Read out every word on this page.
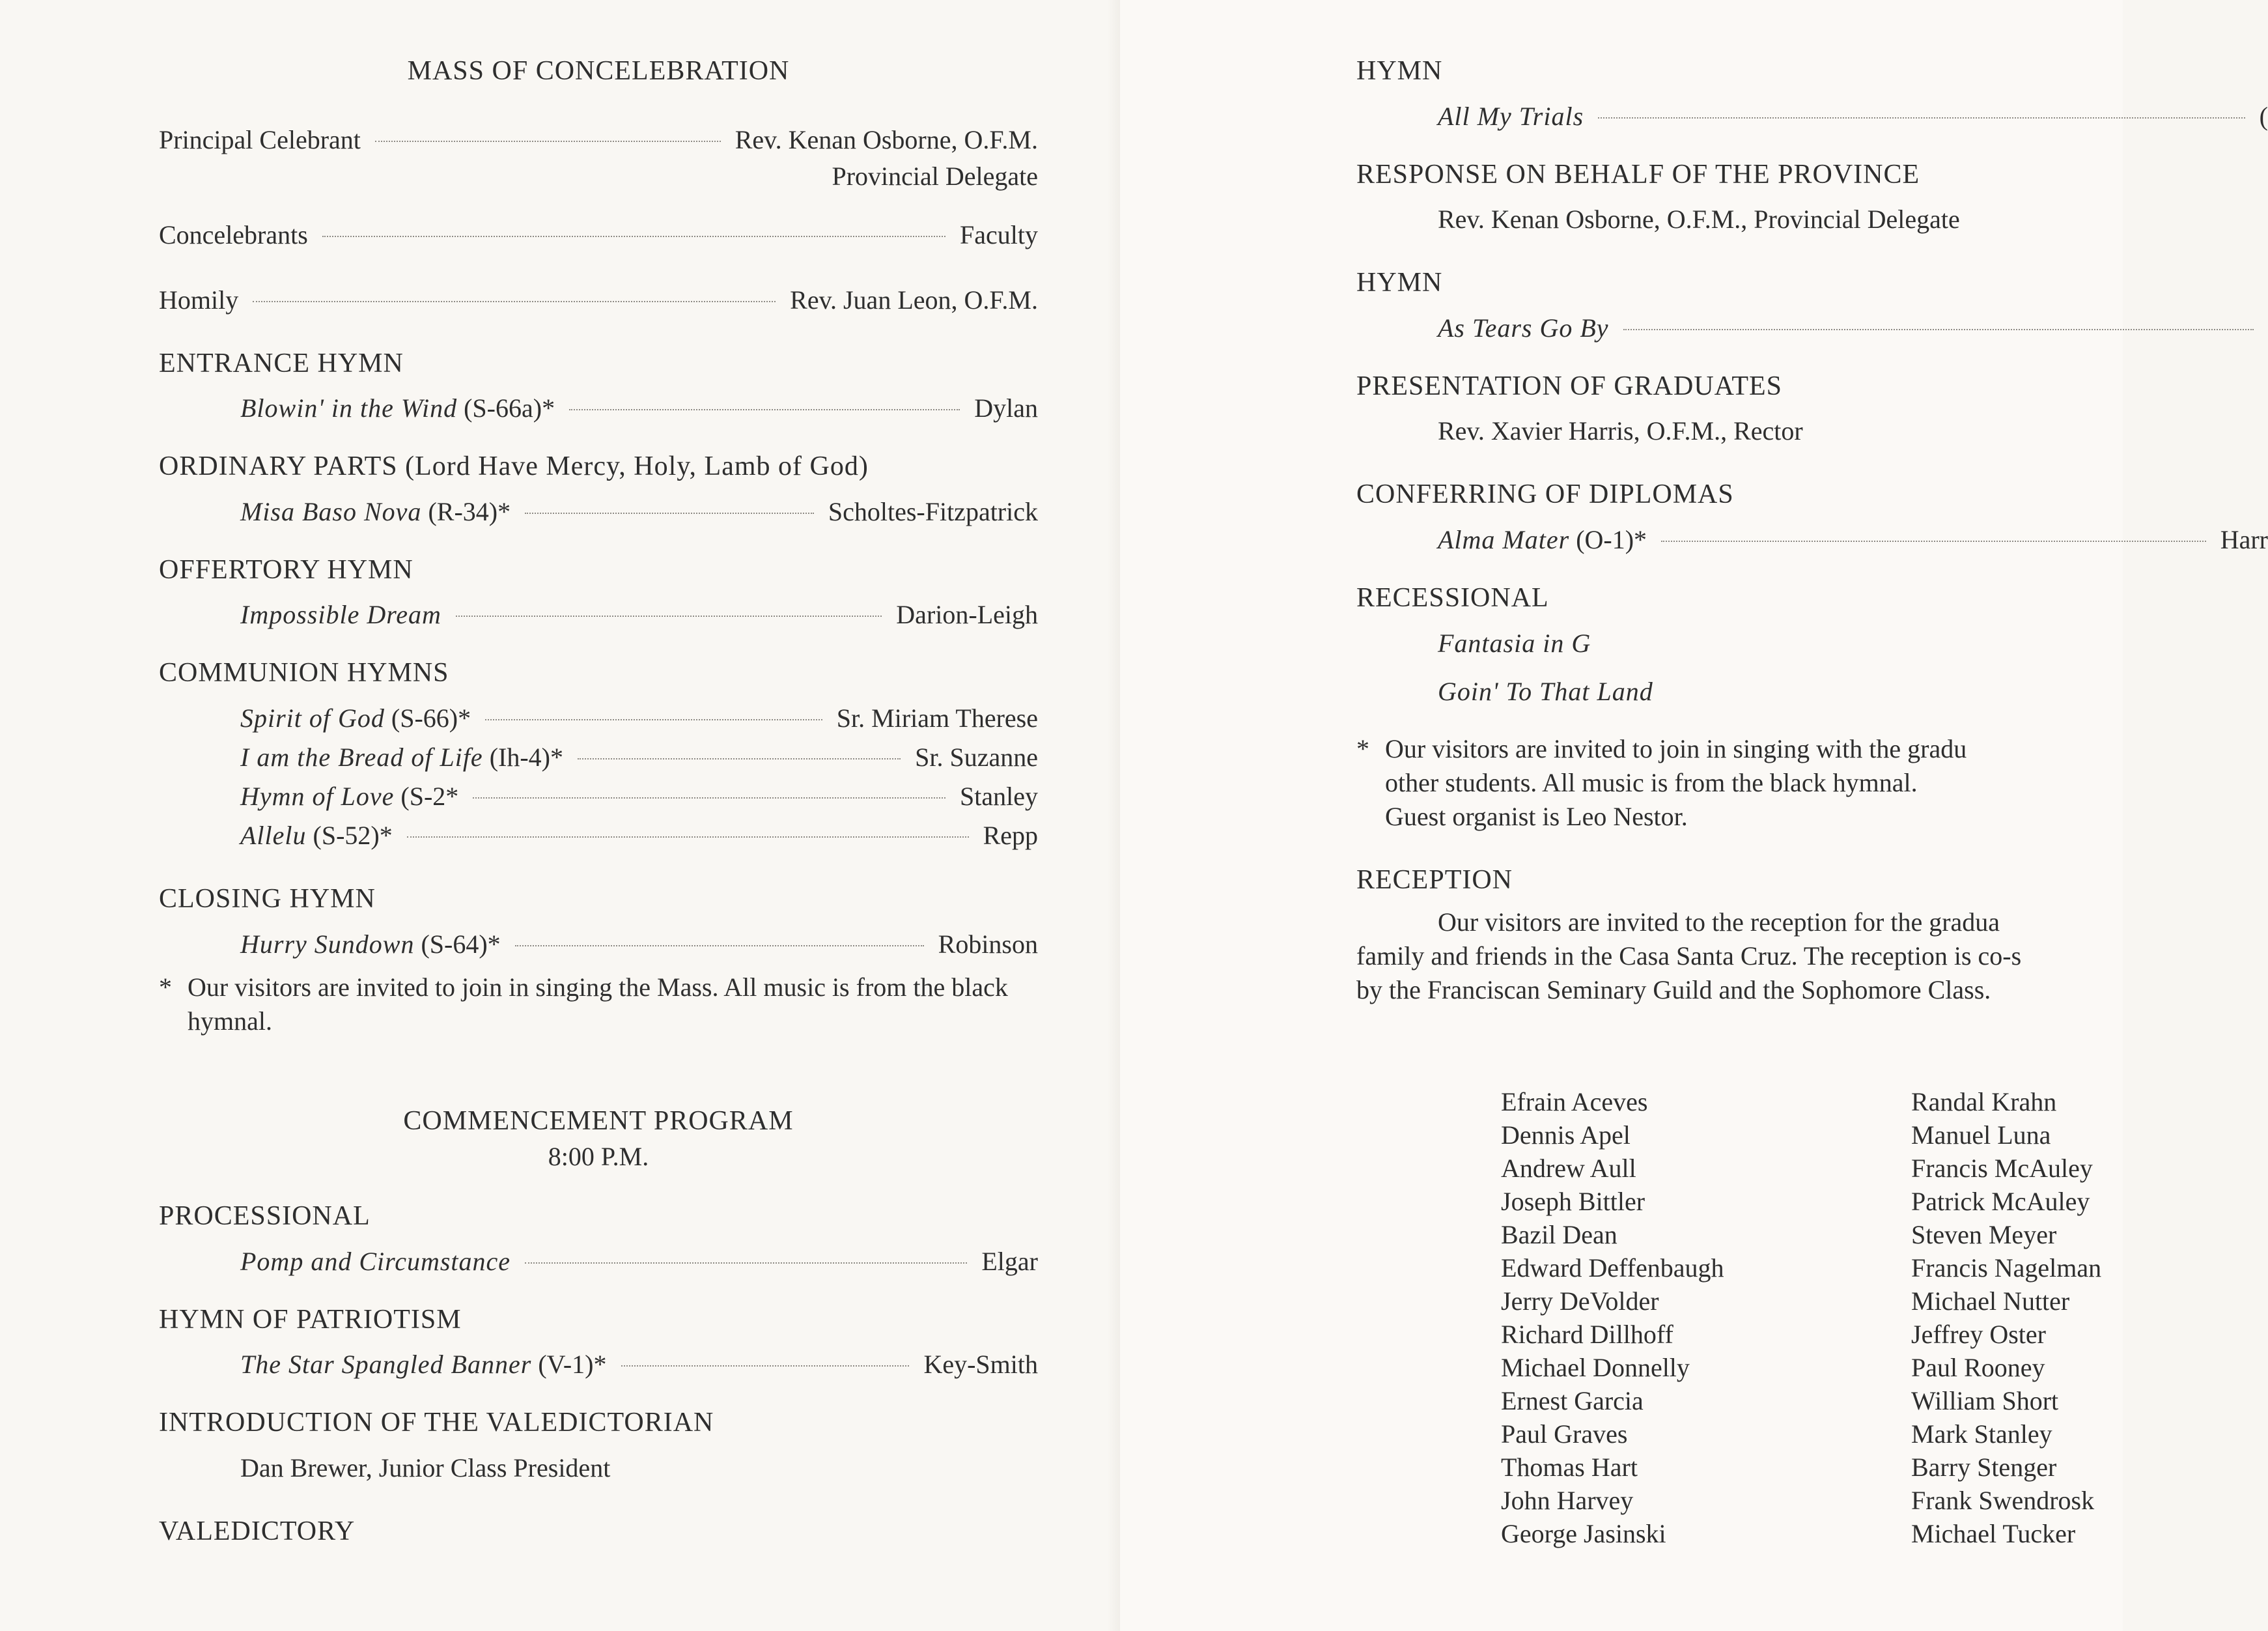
MASS OF CONCELEBRATION
Principal Celebrant	Rev. Kenan Osborne, O.F.M.
Provincial Delegate
Concelebrants	Faculty
Homily	Rev. Juan Leon, O.F.M.
ENTRANCE HYMN
Blowin' in the Wind (S-66a)*	Dylan
ORDINARY PARTS (Lord Have Mercy, Holy, Lamb of God)
Misa Baso Nova (R-34)*	Scholtes-Fitzpatrick
OFFERTORY HYMN
Impossible Dream	Darion-Leigh
COMMUNION HYMNS
Spirit of God (S-66)*	Sr. Miriam Therese
I am the Bread of Life (Ih-4)*	Sr. Suzanne
Hymn of Love (S-2*	Stanley
Allelu (S-52)*	Repp
CLOSING HYMN
Hurry Sundown (S-64)*	Robinson
* Our visitors are invited to join in singing the Mass. All music is from the black hymnal.
COMMENCEMENT PROGRAM
8:00 P.M.
PROCESSIONAL
Pomp and Circumstance	Elgar
HYMN OF PATRIOTISM
The Star Spangled Banner (V-1)*	Key-Smith
INTRODUCTION OF THE VALEDICTORIAN
Dan Brewer, Junior Class President
VALEDICTORY
HYMN
All My Trials	(
RESPONSE ON BEHALF OF THE PROVINCE
Rev. Kenan Osborne, O.F.M., Provincial Delegate
HYMN
As Tears Go By
PRESENTATION OF GRADUATES
Rev. Xavier Harris, O.F.M., Rector
CONFERRING OF DIPLOMAS
Alma Mater (O-1)*	Harr
RECESSIONAL
Fantasia in G
Goin' To That Land
* Our visitors are invited to join in singing with the gradu
other students. All music is from the black hymnal.
Guest organist is Leo Nestor.
RECEPTION
Our visitors are invited to the reception for the gradua
family and friends in the Casa Santa Cruz. The reception is co-s
by the Franciscan Seminary Guild and the Sophomore Class.
Efrain Aceves
Dennis Apel
Andrew Aull
Joseph Bittler
Bazil Dean
Edward Deffenbaugh
Jerry DeVolder
Richard Dillhoff
Michael Donnelly
Ernest Garcia
Paul Graves
Thomas Hart
John Harvey
George Jasinski
Randal Krahn
Manuel Luna
Francis McAuley
Patrick McAuley
Steven Meyer
Francis Nagelman
Michael Nutter
Jeffrey Oster
Paul Rooney
William Short
Mark Stanley
Barry Stenger
Frank Swendrosk
Michael Tucker
